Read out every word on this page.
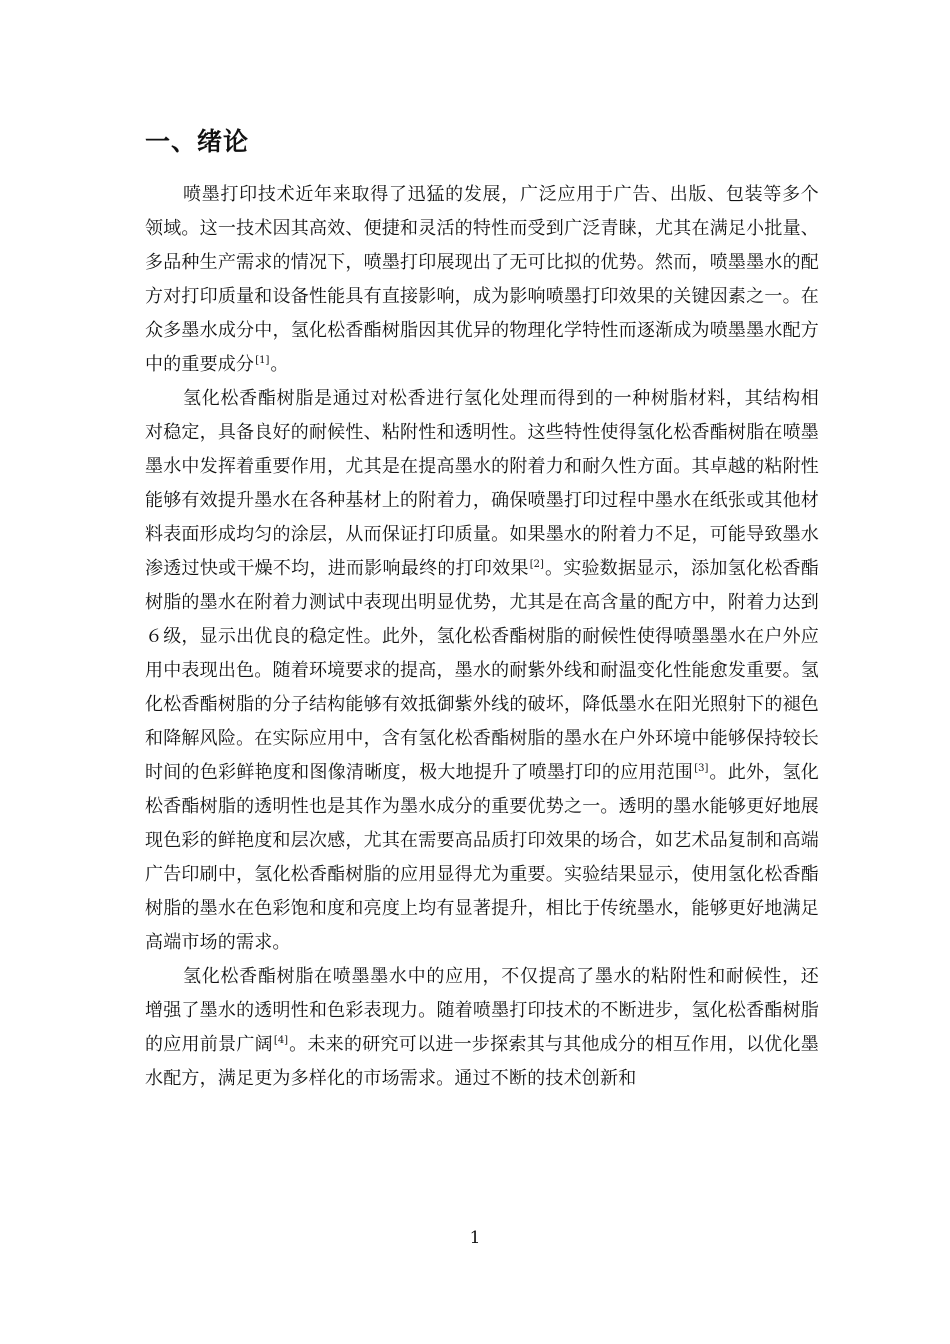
一、绪论

喷墨打印技术近年来取得了迅猛的发展，广泛应用于广告、出版、包装等多个领域。这一技术因其高效、便捷和灵活的特性而受到广泛青睐，尤其在满足小批量、多品种生产需求的情况下，喷墨打印展现出了无可比拟的优势。然而，喷墨墨水的配方对打印质量和设备性能具有直接影响，成为影响喷墨打印效果的关键因素之一。在众多墨水成分中，氢化松香酯树脂因其优异的物理化学特性而逐渐成为喷墨墨水配方中的重要成分[1]。

氢化松香酯树脂是通过对松香进行氢化处理而得到的一种树脂材料，其结构相对稳定，具备良好的耐候性、粘附性和透明性。这些特性使得氢化松香酯树脂在喷墨墨水中发挥着重要作用，尤其是在提高墨水的附着力和耐久性方面。其卓越的粘附性能够有效提升墨水在各种基材上的附着力，确保喷墨打印过程中墨水在纸张或其他材料表面形成均匀的涂层，从而保证打印质量。如果墨水的附着力不足，可能导致墨水渗透过快或干燥不均，进而影响最终的打印效果[2]。实验数据显示，添加氢化松香酯树脂的墨水在附着力测试中表现出明显优势，尤其是在高含量的配方中，附着力达到６级，显示出优良的稳定性。此外，氢化松香酯树脂的耐候性使得喷墨墨水在户外应用中表现出色。随着环境要求的提高，墨水的耐紫外线和耐温变化性能愈发重要。氢化松香酯树脂的分子结构能够有效抵御紫外线的破坏，降低墨水在阳光照射下的褪色和降解风险。在实际应用中，含有氢化松香酯树脂的墨水在户外环境中能够保持较长时间的色彩鲜艳度和图像清晰度，极大地提升了喷墨打印的应用范围[3]。此外，氢化松香酯树脂的透明性也是其作为墨水成分的重要优势之一。透明的墨水能够更好地展现色彩的鲜艳度和层次感，尤其在需要高品质打印效果的场合，如艺术品复制和高端广告印刷中，氢化松香酯树脂的应用显得尤为重要。实验结果显示，使用氢化松香酯树脂的墨水在色彩饱和度和亮度上均有显著提升，相比于传统墨水，能够更好地满足高端市场的需求。

氢化松香酯树脂在喷墨墨水中的应用，不仅提高了墨水的粘附性和耐候性，还增强了墨水的透明性和色彩表现力。随着喷墨打印技术的不断进步，氢化松香酯树脂的应用前景广阔[4]。未来的研究可以进一步探索其与其他成分的相互作用，以优化墨水配方，满足更为多样化的市场需求。通过不断的技术创新和

1
